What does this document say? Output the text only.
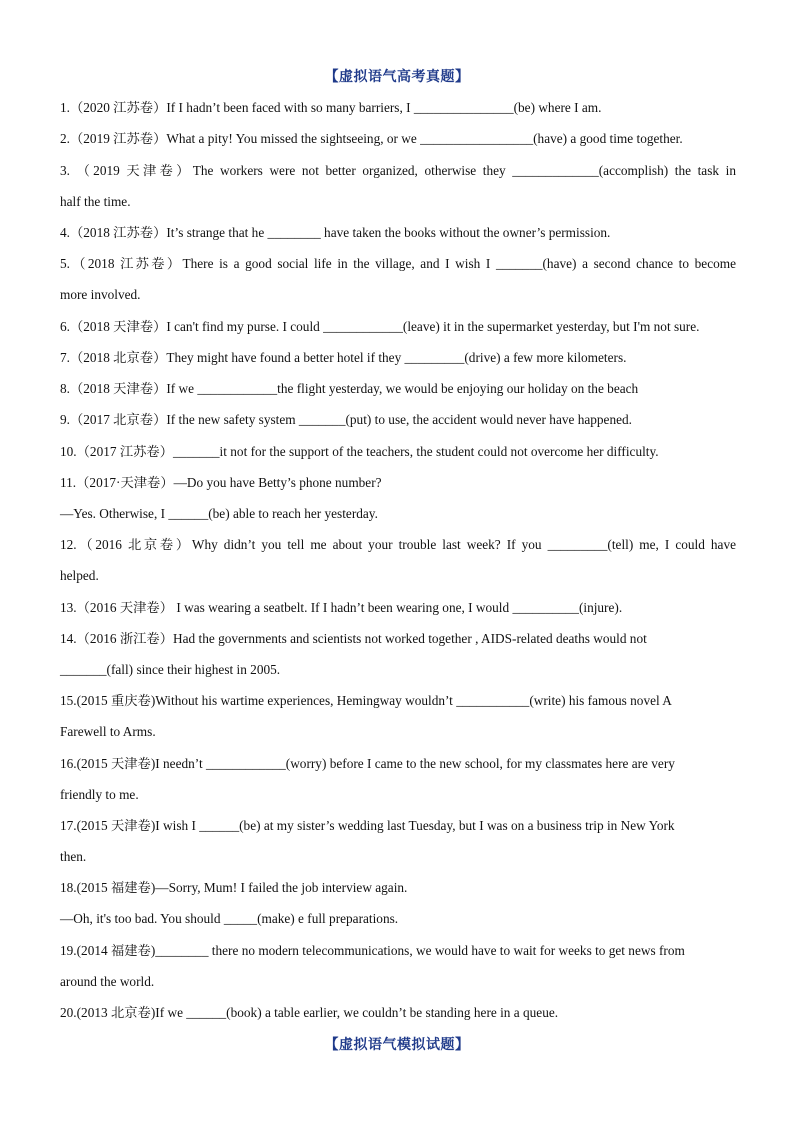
【虚拟语气高考真题】
1.（2020 江苏卷）If I hadn’t been faced with so many barriers, I _______________(be) where I am.
2.（2019 江苏卷）What a pity! You missed the sightseeing, or we _________________(have) a good time together.
3. （2019 天津卷）The workers were not better organized, otherwise they _____________(accomplish) the task in
half the time.
4.（2018 江苏卷）It’s strange that he ________ have taken the books without the owner’s permission.
5.（2018 江苏卷）There is a good social life in the village, and I wish I _______(have) a second chance to become
more involved.
6.（2018 天津卷）I can't find my purse. I could ____________(leave) it in the supermarket yesterday, but I'm not sure.
7.（2018 北京卷）They might have found a better hotel if they _________(drive) a few more kilometers.
8.（2018 天津卷）If we ____________the flight yesterday, we would be enjoying our holiday on the beach
9.（2017 北京卷）If the new safety system _______(put) to use, the accident would never have happened.
10.（2017 江苏卷）_______it not for the support of the teachers, the student could not overcome her difficulty.
11.（2017·天津卷）—Do you have Betty’s phone number?
—Yes. Otherwise, I ______(be) able to reach her yesterday.
12.（2016 北京卷）Why didn’t you tell me about your trouble last week? If you _________(tell) me, I could have
helped.
13.（2016 天津卷） I was wearing a seatbelt. If I hadn’t been wearing one, I would __________(injure).
14.（2016 浙江卷）Had the governments and scientists not worked together , AIDS-related deaths would not
_______(fall) since their highest in 2005.
15.(2015 重庆卷)Without his wartime experiences, Hemingway wouldn’t ___________(write) his famous novel A
Farewell to Arms.
16.(2015 天津卷)I needn’t ____________(worry) before I came to the new school, for my classmates here are very
friendly to me.
17.(2015 天津卷)I wish I ______(be) at my sister’s wedding last Tuesday, but I was on a business trip in New York
then.
18.(2015 福建卷)—Sorry, Mum! I failed the job interview again.
—Oh, it's too bad. You should _____(make) e full preparations.
19.(2014 福建卷)________ there no modern telecommunications, we would have to wait for weeks to get news from
around the world.
20.(2013 北京卷)If we ______(book) a table earlier, we couldn’t be standing here in a queue.
【虚拟语气模拟试题】
